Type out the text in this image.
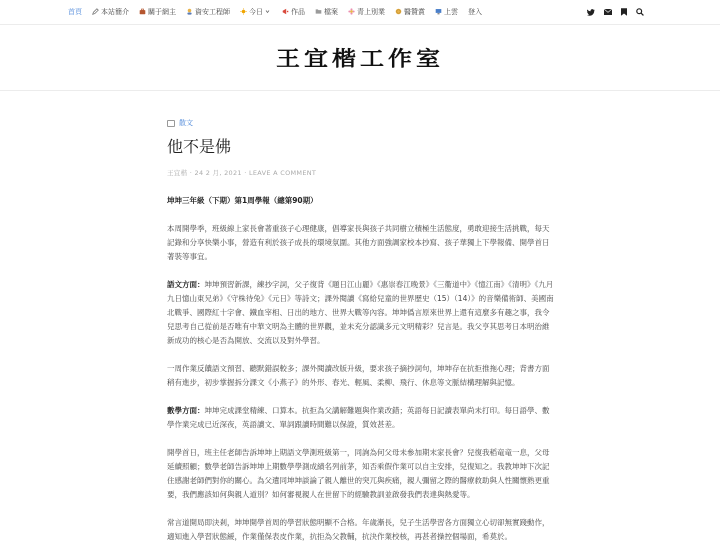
首頁	本站簡介	關于網主	資安工程師	今日	作品	檔案	青上別業	醫贊賞	上雲 登入
王宜楷工作室
散文
他不是佛
王宜楷 · 24 2 月, 2021 · LEAVE A COMMENT

坤坤三年級（下期）第1周學報（總第90期）

本周開學季，班級線上家長會著重孩子心理健康，倡導家長與孩子共同樹立積極生活態度，勇敢迎接生活挑戰，每天記錄和分享快樂小事，營造有利於孩子成長的環境氛圍。其他方面強調家校本抄寫、孩子華獨上下學報備、開學首日著裝等事宜。

語文方面：坤坤預習新課，練抄字詞，父子復背《題日江山麗》《惠崇春江晚景》《三衢道中》《憶江南》《清明》《九月九日憶山東兄弟》《守株待兔》《元日》等詩文；課外閱讀《寫給兒童的世界歷史（15）（14）》的音樂備術師、美國南北戰爭、國際紅十字會、鐵血宰相、日出的地方、世界大戰等內容。坤坤僞言原來世界上還有這麼多有趣之事，我令兒思考自己從前是否唯有中華文明為主體的世界觀，並未充分認識多元文明精彩？兒言是。我父亨其思考日本明治維新成功的核心是否為開放、交流以及對外學習。

一周作業反饋語文預習、聽默錯誤較多；課外閱讀改版升級，要求孩子摘抄詞句，坤坤存在抗拒推拖心理；背書方面稍有進步，初步掌握拆分課文《小燕子》的外形、春光、輕風、柔柳、飛行、休息等文脈結構理解與記憶。

數學方面：坤坤完成課堂精練、口算本。抗拒為父講解難題與作業改錯；英語每日記讀表單尚未打印。每日語學、數學作業完成已近深夜，英語讀文、單詞跟讀時間難以保證，質效甚差。

開學首日，班主任老師告訴坤坤上期語文學測班級第一，同詢為何父母未參加期末家長會？兒復我稻竜竜一息，父母延續照顧；數學老師告訴坤坤上期數學學測成績名列前茅，知否乘假作業可以自主安排，兒復知之。我教坤坤下次記住感謝老師們對你的關心。為父遺同坤坤談論了親人離世的突兀與疾痛，親人彌留之際的醫療救助與人性關懷熟更重要，我們應該如何與親人道別？如何審視親人在世留下的經驗教訓並啟發我們表達與熱愛等。

常言道開局即決剎，坤坤開學首周的學習狀態明顯不合格。年歲漸長，兒子生活學習各方面獨立心切卻無實踐動作，適知進入學習狀態緩，作業僅保表皮作業，抗拒為父教輔，抗決作業校核，再甚者操控個場面，希莫於。
